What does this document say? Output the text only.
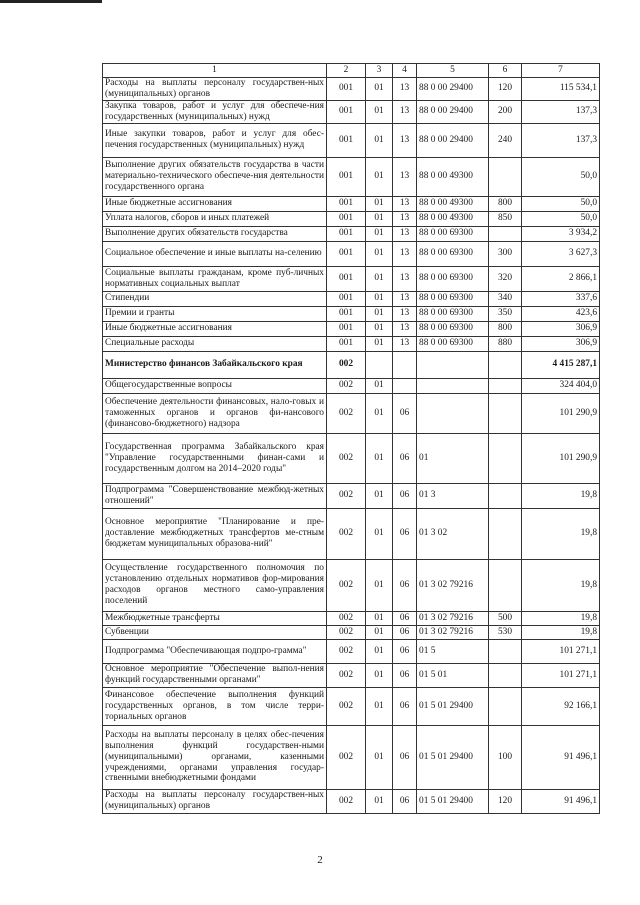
1	2	3	4	5	6	7
Расходы на выплаты персоналу государствен-ных (муниципальных) органов	001	01	13	88 0 00 29400	120	115 534,1
Закупка товаров, работ и услуг для обеспече-ния государственных (муниципальных) нужд	001	01	13	88 0 00 29400	200	137,3
Иные закупки товаров, работ и услуг для обес-печения государственных (муниципальных) нужд	001	01	13	88 0 00 29400	240	137,3
Выполнение других обязательств государства в части материально-технического обеспече-ния деятельности государственного органа	001	01	13	88 0 00 49300		50,0
Иные бюджетные ассигнования	001	01	13	88 0 00 49300	800	50,0
Уплата налогов, сборов и иных платежей	001	01	13	88 0 00 49300	850	50,0
Выполнение других обязательств государства	001	01	13	88 0 00 69300		3 934,2
Социальное обеспечение и иные выплаты на-селению	001	01	13	88 0 00 69300	300	3 627,3
Социальные выплаты гражданам, кроме пуб-личных нормативных социальных выплат	001	01	13	88 0 00 69300	320	2 866,1
Стипендии	001	01	13	88 0 00 69300	340	337,6
Премии и гранты	001	01	13	88 0 00 69300	350	423,6
Иные бюджетные ассигнования	001	01	13	88 0 00 69300	800	306,9
Специальные расходы	001	01	13	88 0 00 69300	880	306,9
Министерство финансов Забайкальского края	002					4 415 287,1
Общегосударственные вопросы	002	01				324 404,0
Обеспечение деятельности финансовых, нало-говых и таможенных органов и органов фи-нансового (финансово-бюджетного) надзора	002	01	06			101 290,9
Государственная программа Забайкальского края "Управление государственными финан-сами и государственным долгом на 2014–2020 годы"	002	01	06	01		101 290,9
Подпрограмма "Совершенствование межбюд-жетных отношений"	002	01	06	01 3		19,8
Основное мероприятие "Планирование и пре-доставление межбюджетных трансфертов ме-стным бюджетам муниципальных образова-ний"	002	01	06	01 3 02		19,8
Осуществление государственного полномочия по установлению отдельных нормативов фор-мирования расходов органов местного само-управления поселений	002	01	06	01 3 02 79216		19,8
Межбюджетные трансферты	002	01	06	01 3 02 79216	500	19,8
Субвенции	002	01	06	01 3 02 79216	530	19,8
Подпрограмма "Обеспечивающая подпро-грамма"	002	01	06	01 5		101 271,1
Основное мероприятие "Обеспечение выпол-нения функций государственными органами"	002	01	06	01 5 01		101 271,1
Финансовое обеспечение выполнения функций государственных органов, в том числе терри-ториальных органов	002	01	06	01 5 01 29400		92 166,1
Расходы на выплаты персоналу в целях обес-печения выполнения функций государствен-ными (муниципальными) органами, казенными учреждениями, органами управления государ-ственными внебюджетными фондами	002	01	06	01 5 01 29400	100	91 496,1
Расходы на выплаты персоналу государствен-ных (муниципальных) органов	002	01	06	01 5 01 29400	120	91 496,1
2
